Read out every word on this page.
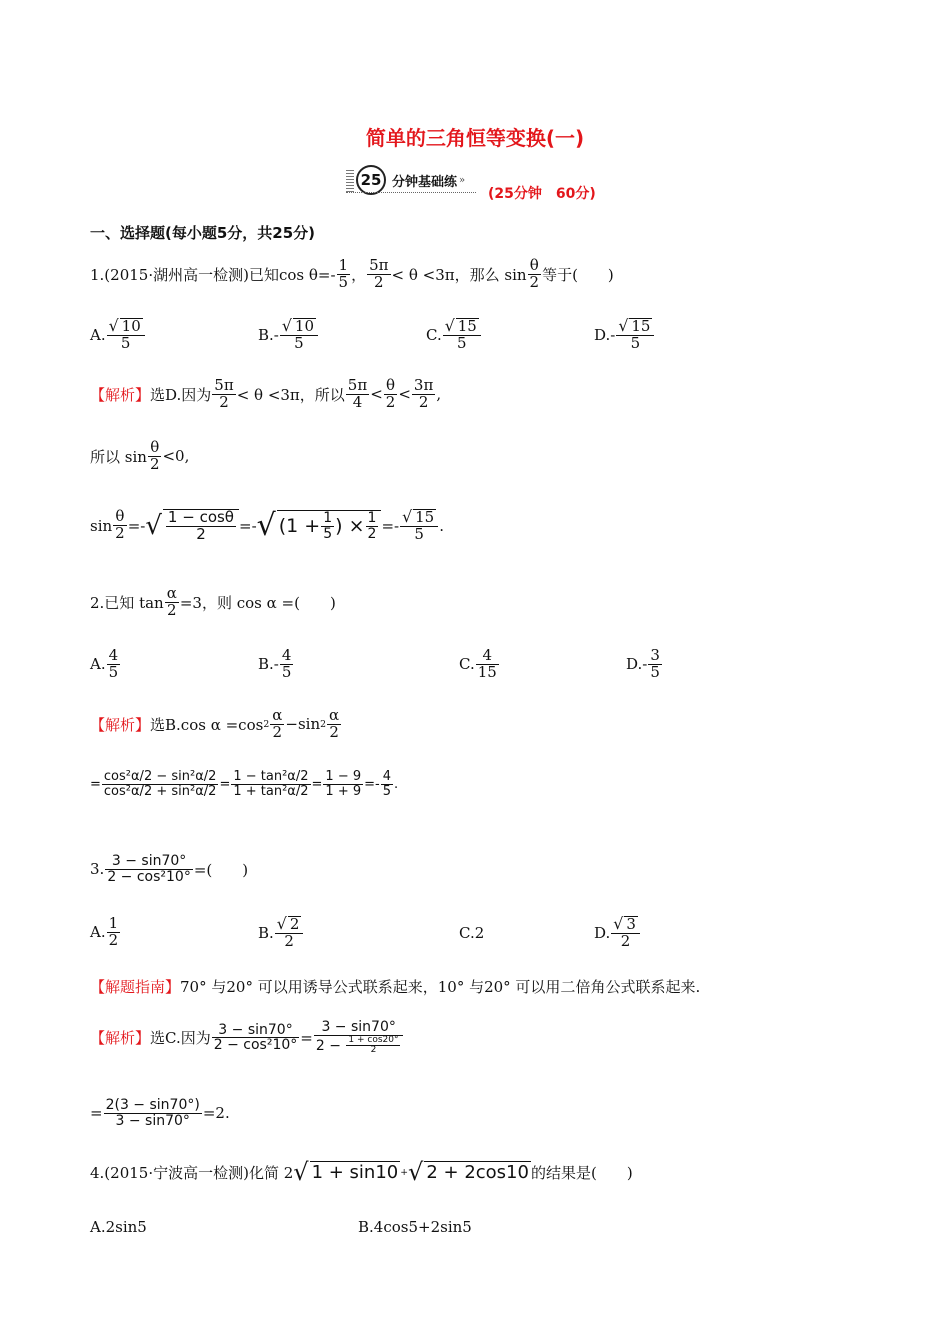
简单的三角恒等变换(一)
25 分钟基础练 »
(25分钟　60分)
一、选择题(每小题5分，共25分)
1.(2015·湖州高一检测)已知$\cos \theta=- \frac{1}{5}$ ， $\frac{5\pi}{2} < \theta <3\pi$，那么 $\sin \frac{\theta}{2}$ 等于(　　)
A. $\frac{√ 10}{5}$	B. - $\frac{√ 10}{5}$	C. $\frac{√ 15}{5}$	D. - $\frac{√ 15}{5}$
【解析】 选D.因为 $\frac{5\pi}{2} < \theta <3\pi$，所以 $\frac{5\pi}{4} < \frac{\theta}{2} < \frac{3\pi}{2}$ ,
所以 $\sin \frac{\theta}{2} <0$,
$\sin \frac{\theta}{2}$ =- √ $\frac{1 - \cos\theta}{2}$ =- √ ($1 + \frac{1}{5}$ ) × $\frac{1}{2} =- \frac{√ 15}{5}$ .
2.已知 $\tan \frac{\alpha}{2} =3$，则 cos α =(　　)
A. $\frac{4}{5}$	B. - $\frac{4}{5}$	C. $\frac{4}{15}$	D. - $\frac{3}{5}$
【解析】 选B.cos α =cos $2 \frac{\alpha}{2} -\sin$ $2 \frac{\alpha}{2}$
= $\frac{\text{cos²α/2 − sin²α/2}}{\text{cos²α/2 + sin²α/2}} = \frac{\text{1 − tan²α/2}}{\text{1 + tan²α/2}} = \frac{1 - 9}{1 + 9} =- \frac{4}{5}$ .
3. $\frac{3 - \sin 70^\circ}{\text{2 − cos²10°}}$ =(　　)
A. $\frac{1}{2}$	B. $\frac{√ 2}{2}$	C. 2	D. $\frac{√ 3}{2}$
【解题指南】 70° 与20° 可以用诱导公式联系起来，10° 与20° 可以用二倍角公式联系起来.
【解析】 选C.因为 $\frac{3 - \sin 70^\circ}{\text{2 − cos²10°}} = \frac{3 - \sin 70^\circ}{2 - \frac{1 + \cos 20^\circ}{2}}$
= $\frac{2(3 - \sin 70^\circ)}{3 - \sin 70^\circ} =2$.
4.(2015·宁波高一检测)化简 2 √ 1 + sin10 + √ 2 + 2cos10 的结果是(　　)
A.2sin5	B.4cos5+2sin5
